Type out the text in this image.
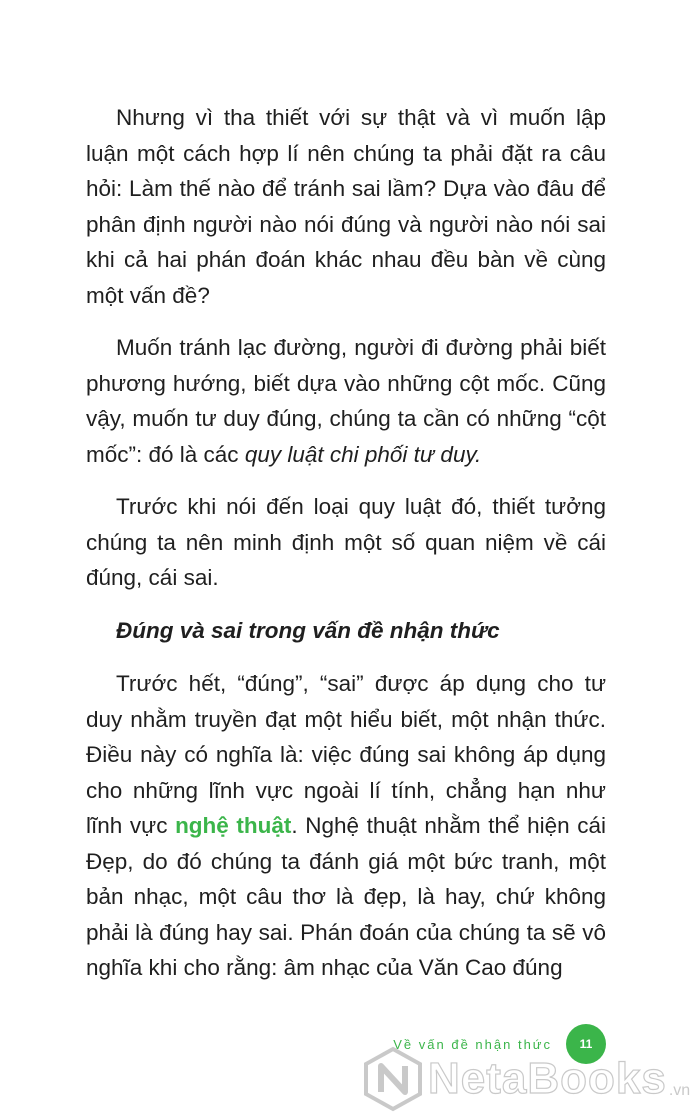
Nhưng vì tha thiết với sự thật và vì muốn lập luận một cách hợp lí nên chúng ta phải đặt ra câu hỏi: Làm thế nào để tránh sai lầm? Dựa vào đâu để phân định người nào nói đúng và người nào nói sai khi cả hai phán đoán khác nhau đều bàn về cùng một vấn đề?

Muốn tránh lạc đường, người đi đường phải biết phương hướng, biết dựa vào những cột mốc. Cũng vậy, muốn tư duy đúng, chúng ta cần có những “cột mốc”: đó là các quy luật chi phối tư duy.

Trước khi nói đến loại quy luật đó, thiết tưởng chúng ta nên minh định một số quan niệm về cái đúng, cái sai.

Đúng và sai trong vấn đề nhận thức

Trước hết, “đúng”, “sai” được áp dụng cho tư duy nhằm truyền đạt một hiểu biết, một nhận thức. Điều này có nghĩa là: việc đúng sai không áp dụng cho những lĩnh vực ngoài lí tính, chẳng hạn như lĩnh vực nghệ thuật. Nghệ thuật nhằm thể hiện cái Đẹp, do đó chúng ta đánh giá một bức tranh, một bản nhạc, một câu thơ là đẹp, là hay, chứ không phải là đúng hay sai. Phán đoán của chúng ta sẽ vô nghĩa khi cho rằng: âm nhạc của Văn Cao đúng

Về vấn đề nhận thức	11
NetaBooks .vn
